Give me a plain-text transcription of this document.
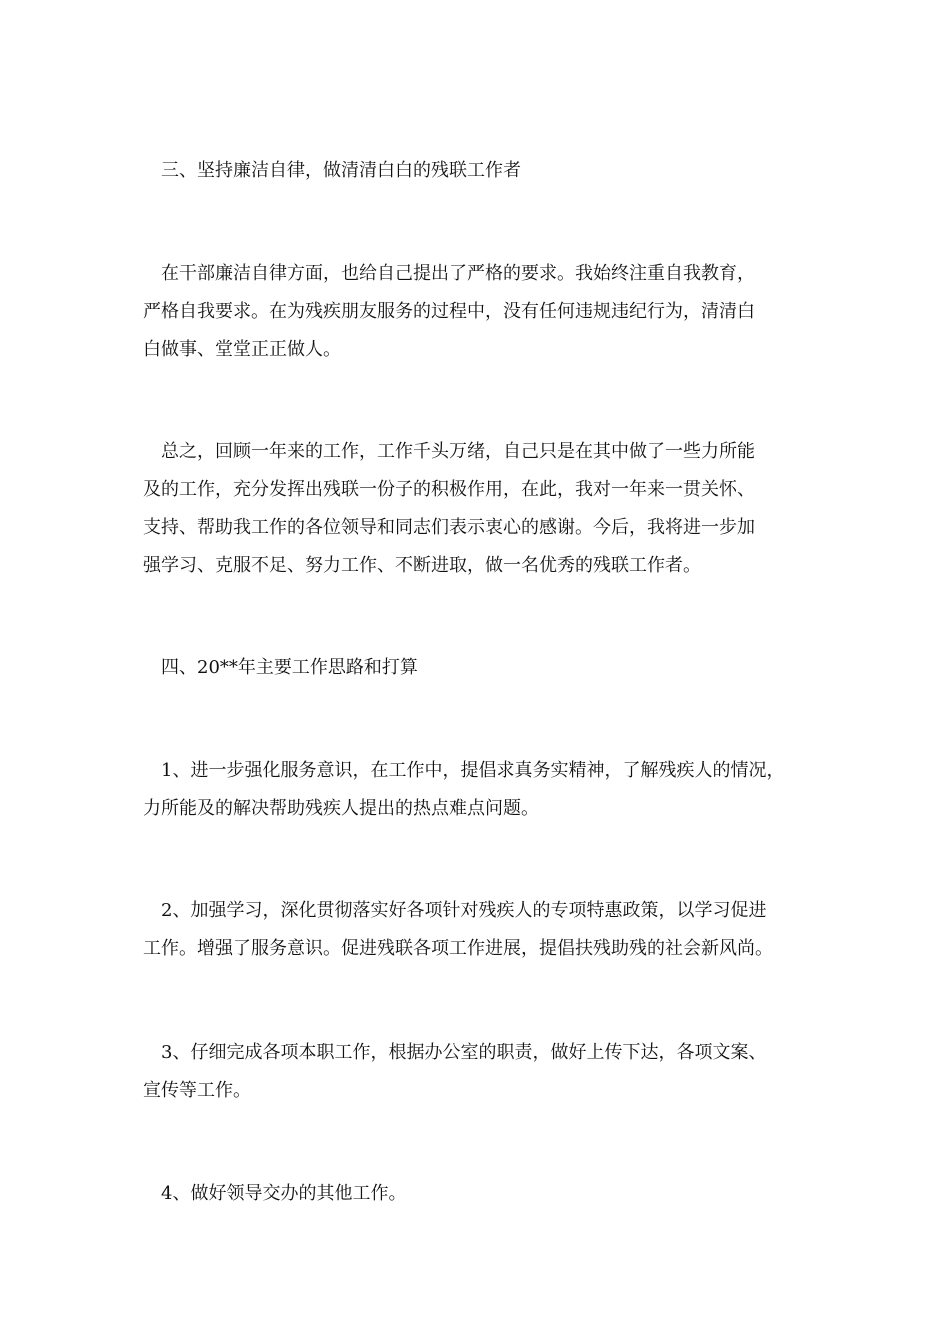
　三、坚持廉洁自律，做清清白白的残联工作者
　在干部廉洁自律方面，也给自己提出了严格的要求。我始终注重自我教育，
严格自我要求。在为残疾朋友服务的过程中，没有任何违规违纪行为，清清白
白做事、堂堂正正做人。
　总之，回顾一年来的工作，工作千头万绪，自己只是在其中做了一些力所能
及的工作，充分发挥出残联一份子的积极作用，在此，我对一年来一贯关怀、
支持、帮助我工作的各位领导和同志们表示衷心的感谢。今后，我将进一步加
强学习、克服不足、努力工作、不断进取，做一名优秀的残联工作者。
　四、20**年主要工作思路和打算
　1、进一步强化服务意识，在工作中，提倡求真务实精神，了解残疾人的情况，
力所能及的解决帮助残疾人提出的热点难点问题。
　2、加强学习，深化贯彻落实好各项针对残疾人的专项特惠政策，以学习促进
工作。增强了服务意识。促进残联各项工作进展，提倡扶残助残的社会新风尚。
　3、仔细完成各项本职工作，根据办公室的职责，做好上传下达，各项文案、
宣传等工作。
　4、做好领导交办的其他工作。
